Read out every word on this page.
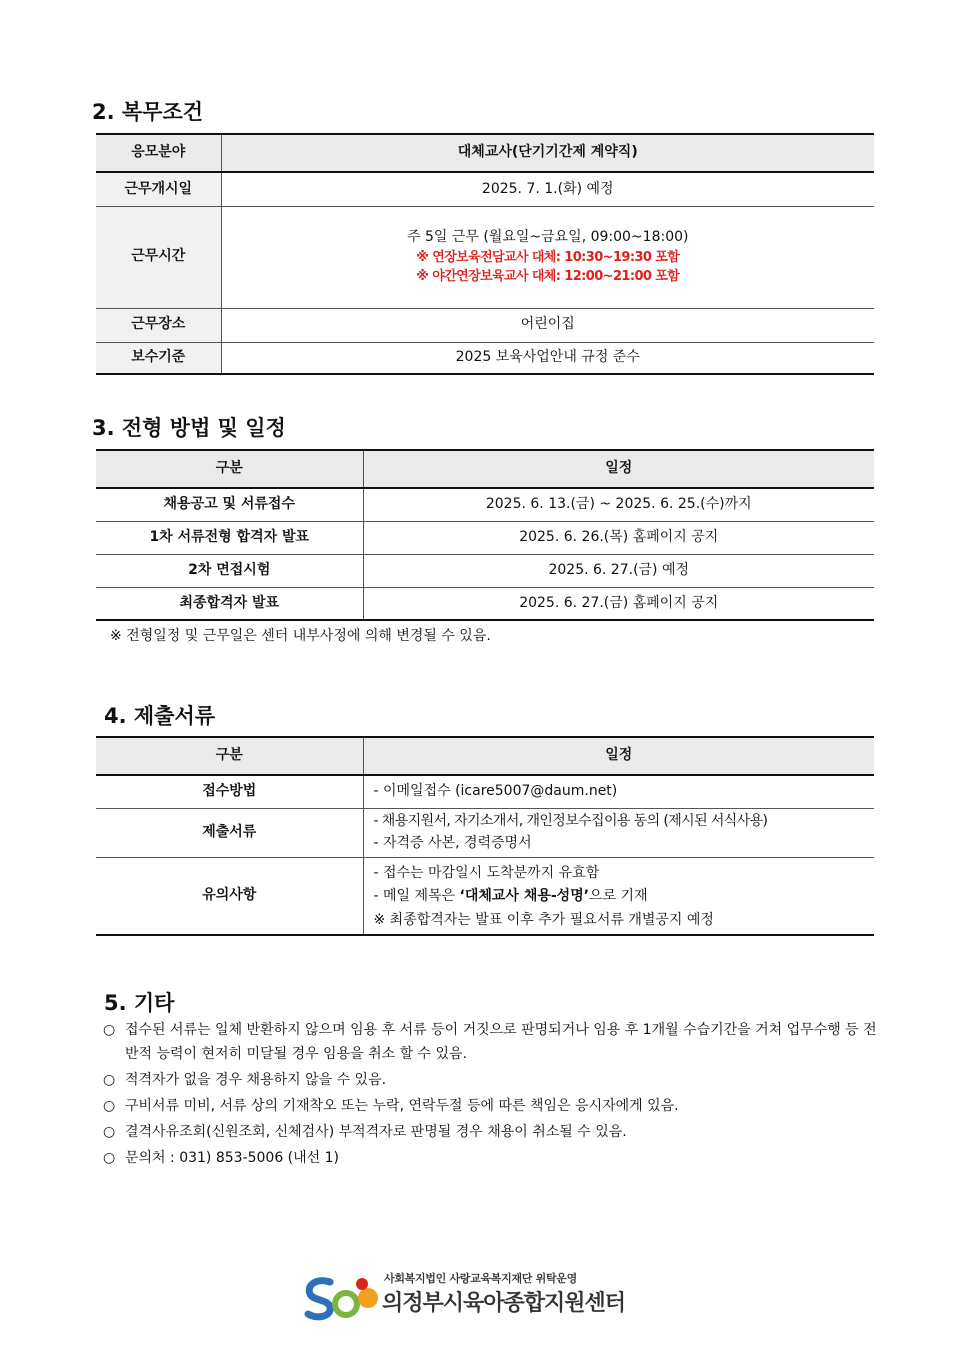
2. 복무조건
응모분야	대체교사(단기기간제 계약직)
근무개시일	2025. 7. 1.(화) 예정
근무시간	주 5일 근무 (월요일~금요일, 09:00~18:00)
※ 연장보육전담교사 대체: 10:30~19:30 포함
※ 야간연장보육교사 대체: 12:00~21:00 포함

근무장소	어린이집
보수기준	2025 보육사업안내 규정 준수
3. 전형 방법 및 일정
구분	일정
채용공고 및 서류접수	2025. 6. 13.(금) ~ 2025. 6. 25.(수)까지
1차 서류전형 합격자 발표	2025. 6. 26.(목) 홈페이지 공지
2차 면접시험	2025. 6. 27.(금) 예정
최종합격자 발표	2025. 6. 27.(금) 홈페이지 공지
※ 전형일정 및 근무일은 센터 내부사정에 의해 변경될 수 있음.
4. 제출서류
구분	일정
접수방법	- 이메일접수 (icare5007@daum.net)
제출서류	- 채용지원서, 자기소개서, 개인정보수집이용 동의 (제시된 서식사용)
- 자격증 사본, 경력증명서

유의사항	- 접수는 마감일시 도착분까지 유효함
- 메일 제목은 ‘대체교사 채용-성명’으로 기재
※ 최종합격자는 발표 이후 추가 필요서류 개별공지 예정
5. 기타
○ 접수된 서류는 일체 반환하지 않으며 임용 후 서류 등이 거짓으로 판명되거나 임용 후 1개월 수습기간을 거쳐 업무수행 등 전반적 능력이 현저히 미달될 경우 임용을 취소 할 수 있음.
○ 적격자가 없을 경우 채용하지 않을 수 있음.
○ 구비서류 미비, 서류 상의 기재착오 또는 누락, 연락두절 등에 따른 책임은 응시자에게 있음.
○ 결격사유조회(신원조회, 신체검사) 부적격자로 판명될 경우 채용이 취소될 수 있음.
○ 문의처 : 031) 853-5006 (내선 1)
사회복지법인 사랑교육복지재단 위탁운영
의정부시육아종합지원센터
